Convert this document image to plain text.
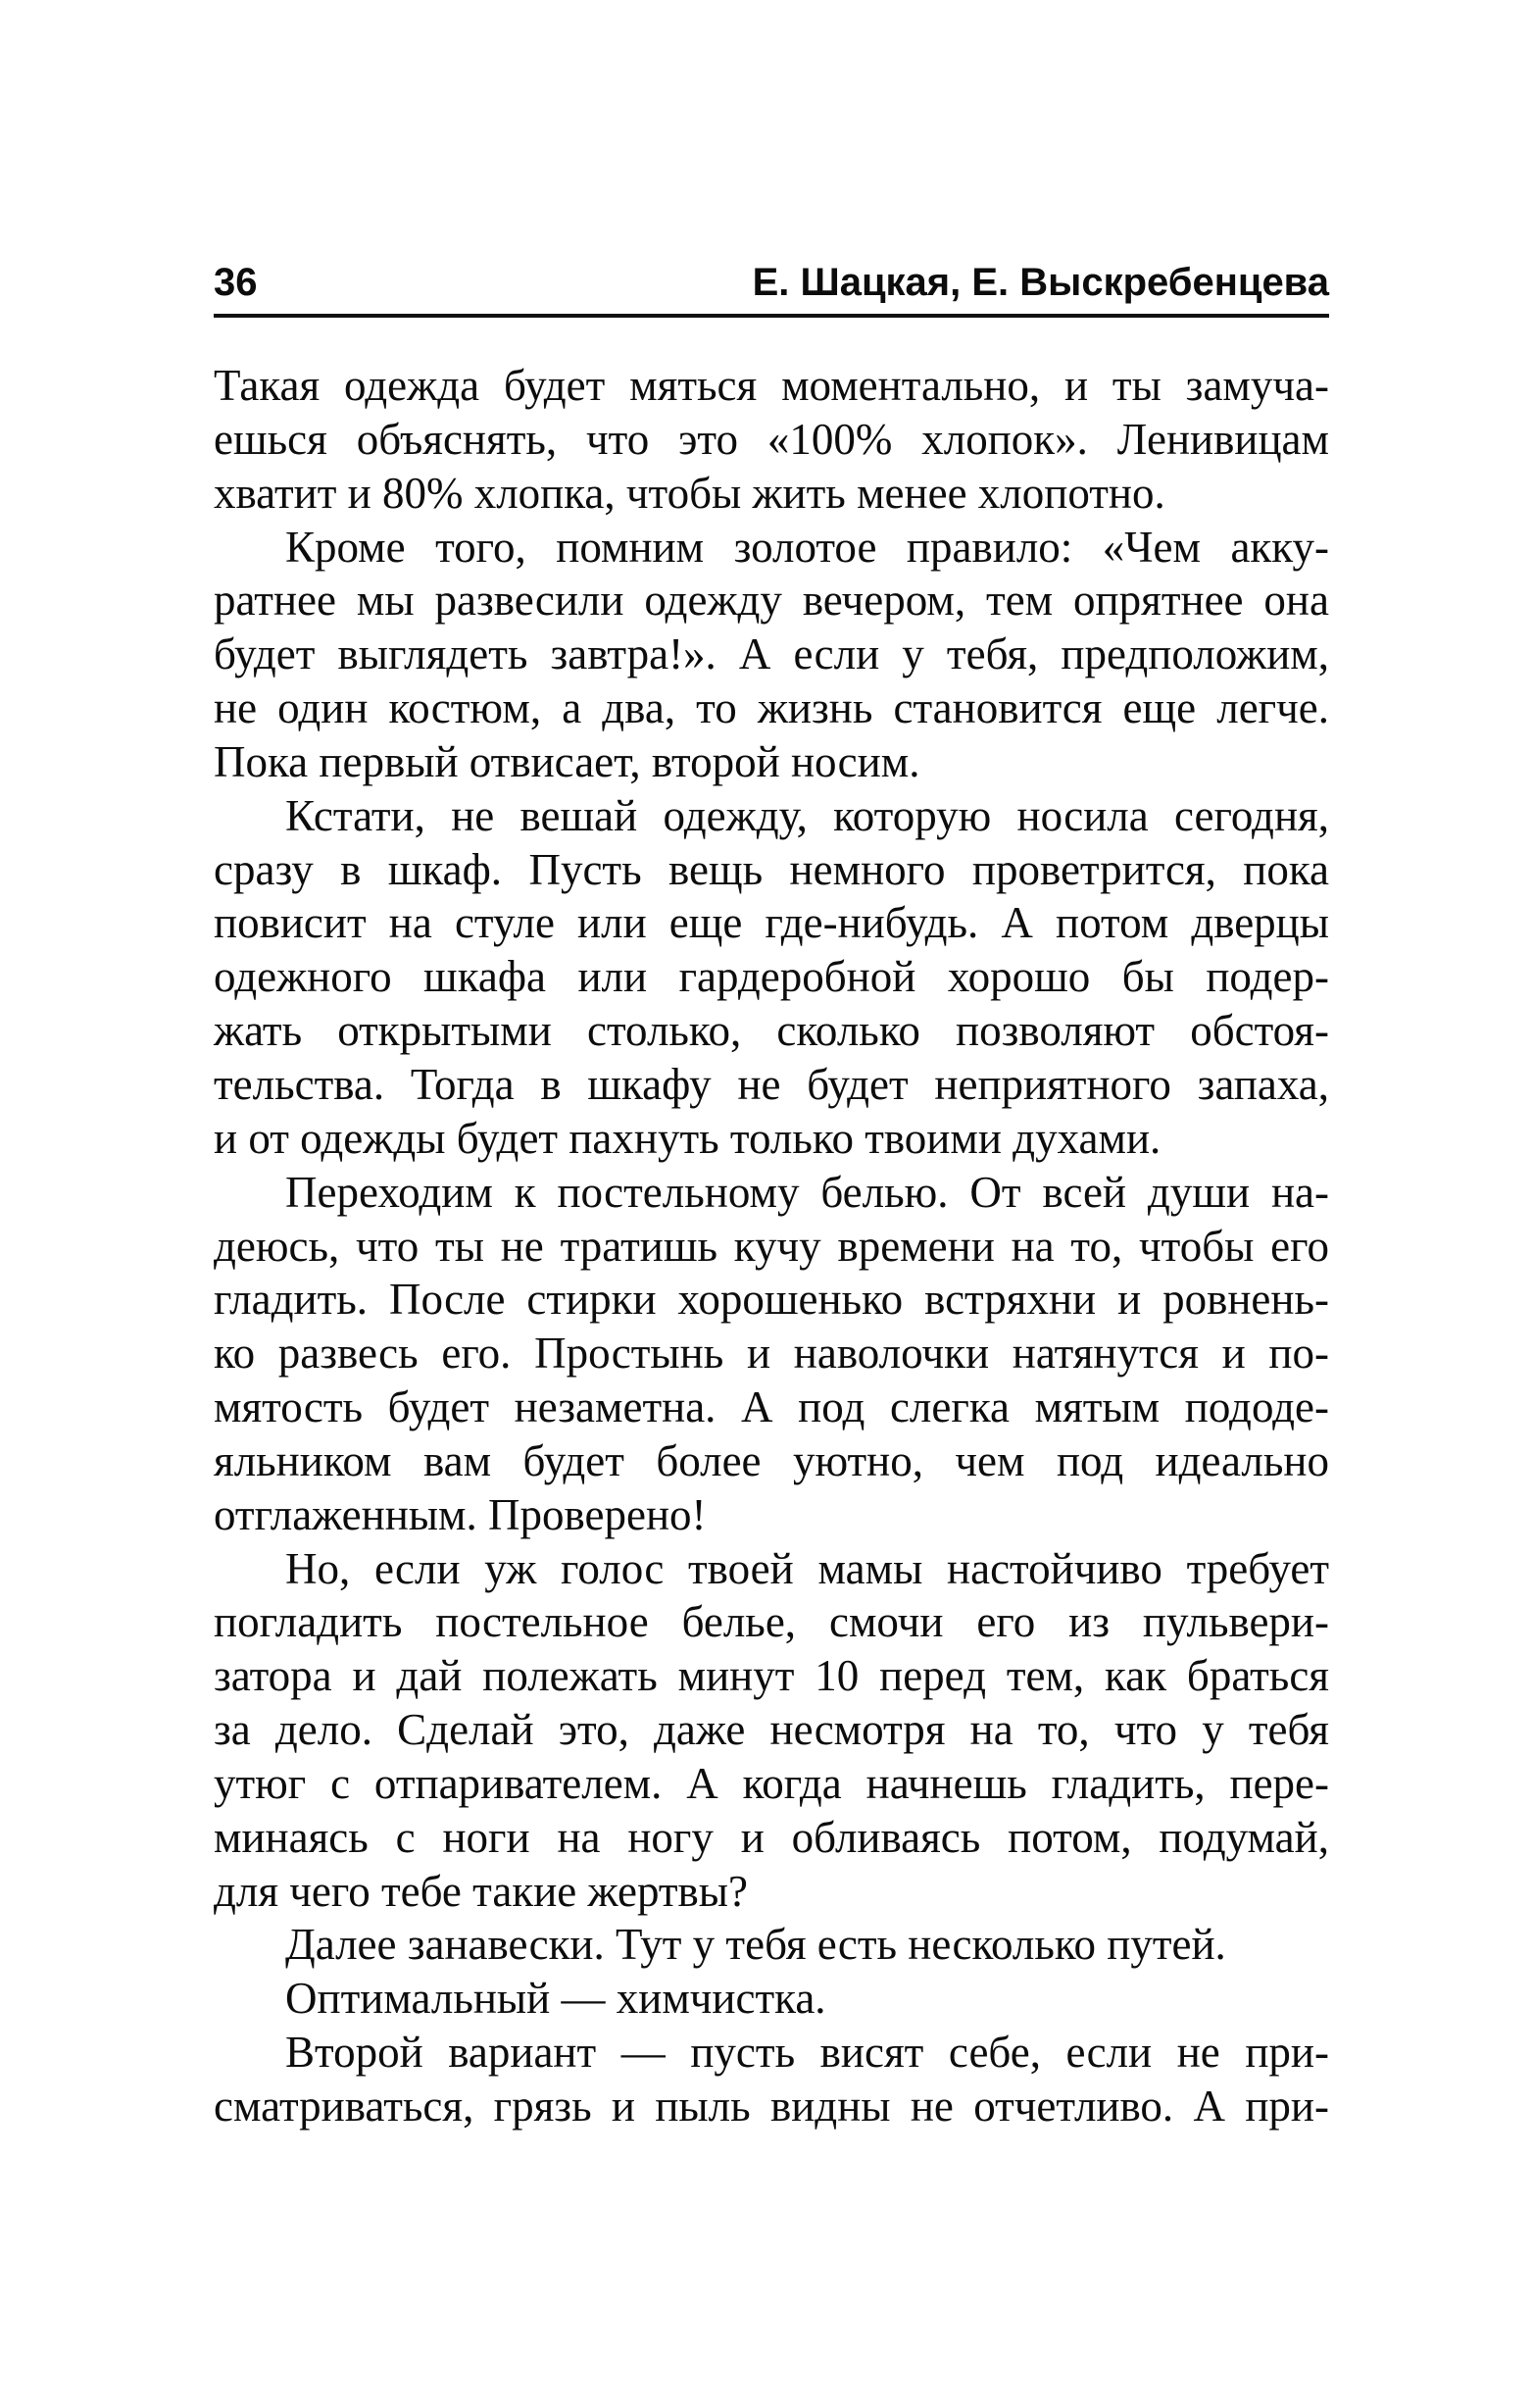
36	Е. Шацкая, Е. Выскребенцева
Такая одежда будет мяться моментально, и ты замуча-
ешься объяснять, что это «100% хлопок». Ленивицам
хватит и 80% хлопка, чтобы жить менее хлопотно.
Кроме того, помним золотое правило: «Чем акку-
ратнее мы развесили одежду вечером, тем опрятнее она
будет выглядеть завтра!». А если у тебя, предположим,
не один костюм, а два, то жизнь становится еще легче.
Пока первый отвисает, второй носим.
Кстати, не вешай одежду, которую носила сегодня,
сразу в шкаф. Пусть вещь немного проветрится, пока
повисит на стуле или еще где-нибудь. А потом дверцы
одежного шкафа или гардеробной хорошо бы подер-
жать открытыми столько, сколько позволяют обстоя-
тельства. Тогда в шкафу не будет неприятного запаха,
и от одежды будет пахнуть только твоими духами.
Переходим к постельному белью. От всей души на-
деюсь, что ты не тратишь кучу времени на то, чтобы его
гладить. После стирки хорошенько встряхни и ровнень-
ко развесь его. Простынь и наволочки натянутся и по-
мятость будет незаметна. А под слегка мятым пододе-
яльником вам будет более уютно, чем под идеально
отглаженным. Проверено!
Но, если уж голос твоей мамы настойчиво требует
погладить постельное белье, смочи его из пульвери-
затора и дай полежать минут 10 перед тем, как браться
за дело. Сделай это, даже несмотря на то, что у тебя
утюг с отпаривателем. А когда начнешь гладить, пере-
минаясь с ноги на ногу и обливаясь потом, подумай,
для чего тебе такие жертвы?
Далее занавески. Тут у тебя есть несколько путей.
Оптимальный — химчистка.
Второй вариант — пусть висят себе, если не при-
сматриваться, грязь и пыль видны не отчетливо. А при-
